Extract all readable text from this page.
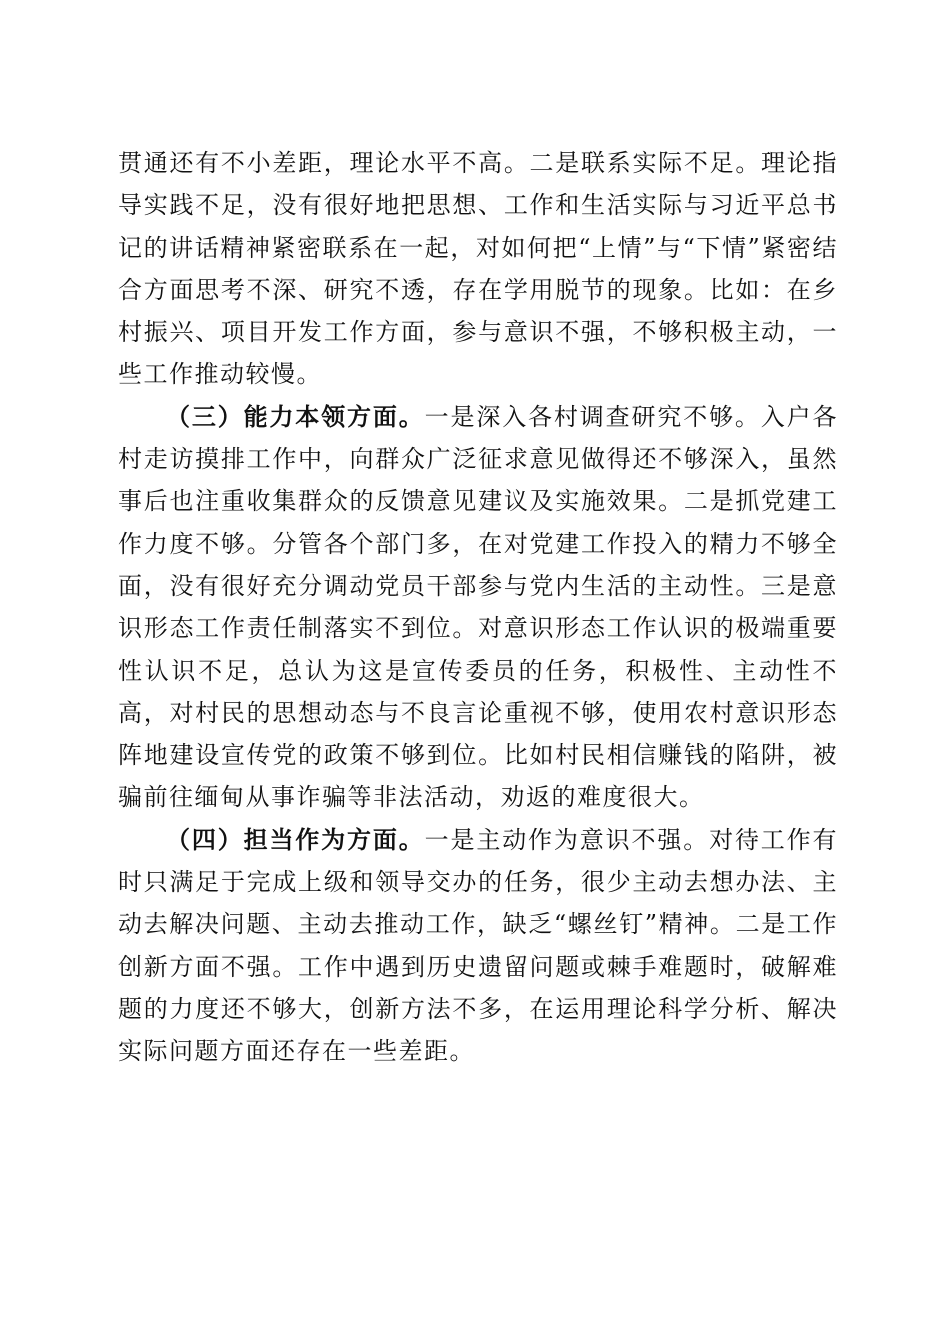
贯通还有不小差距，理论水平不高。二是联系实际不足。理论指导实践不足，没有很好地把思想、工作和生活实际与习近平总书记的讲话精神紧密联系在一起，对如何把“上情”与“下情”紧密结合方面思考不深、研究不透，存在学用脱节的现象。比如：在乡村振兴、项目开发工作方面，参与意识不强，不够积极主动，一些工作推动较慢。

（三）能力本领方面。一是深入各村调查研究不够。入户各村走访摸排工作中，向群众广泛征求意见做得还不够深入，虽然事后也注重收集群众的反馈意见建议及实施效果。二是抓党建工作力度不够。分管各个部门多，在对党建工作投入的精力不够全面，没有很好充分调动党员干部参与党内生活的主动性。三是意识形态工作责任制落实不到位。对意识形态工作认识的极端重要性认识不足，总认为这是宣传委员的任务，积极性、主动性不高，对村民的思想动态与不良言论重视不够，使用农村意识形态阵地建设宣传党的政策不够到位。比如村民相信赚钱的陷阱，被骗前往缅甸从事诈骗等非法活动，劝返的难度很大。

（四）担当作为方面。一是主动作为意识不强。对待工作有时只满足于完成上级和领导交办的任务，很少主动去想办法、主动去解决问题、主动去推动工作，缺乏“螺丝钉”精神。二是工作创新方面不强。工作中遇到历史遗留问题或棘手难题时，破解难题的力度还不够大，创新方法不多，在运用理论科学分析、解决实际问题方面还存在一些差距。
